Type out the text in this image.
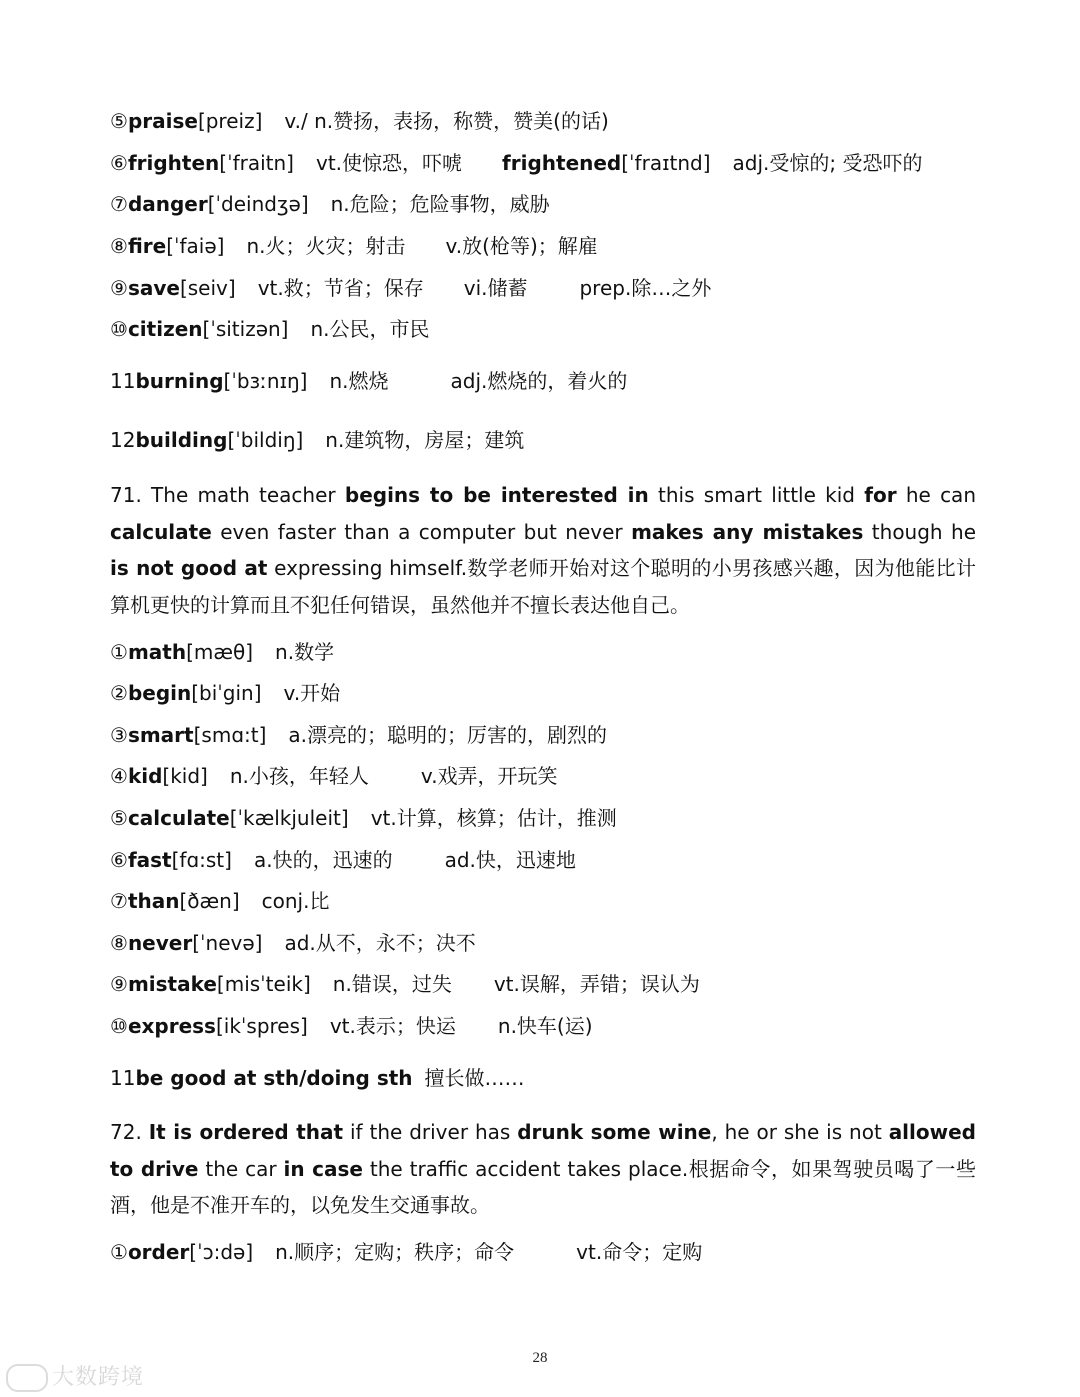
⑤praise[preiz] v./ n.赞扬，表扬，称赞，赞美(的话)
⑥frighten[ˈfraitn] vt.使惊恐，吓唬 frightened[ˈfraɪtnd] adj.受惊的; 受恐吓的
⑦danger[ˈdeindʒə] n.危险；危险事物，威胁
⑧fire[ˈfaiə] n.火；火灾；射击 v.放(枪等)；解雇
⑨save[seiv] vt.救；节省；保存 vi.储蓄	prep.除…之外
⑩citizen[ˈsitizən] n.公民，市民
11burning[ˈbɜːnɪŋ] n.燃烧	adj.燃烧的，着火的
12building[ˈbildiŋ] n.建筑物，房屋；建筑
71. The math teacher begins to be interested in this smart little kid for he can calculate even faster than a computer but never makes any mistakes though he is not good at expressing himself.数学老师开始对这个聪明的小男孩感兴趣，因为他能比计算机更快的计算而且不犯任何错误，虽然他并不擅长表达他自己。
①math[mæθ] n.数学
②begin[biˈgin] v.开始
③smart[smɑ:t] a.漂亮的；聪明的；厉害的，剧烈的
④kid[kid] n.小孩，年轻人	v.戏弄，开玩笑
⑤calculate[ˈkælkjuleit] vt.计算，核算；估计，推测
⑥fast[fɑ:st] a.快的，迅速的	ad.快，迅速地
⑦than[ðæn] conj.比
⑧never[ˈnevə] ad.从不，永不；决不
⑨mistake[misˈteik] n.错误，过失 vt.误解，弄错；误认为
⑩express[ikˈspres] vt.表示；快运 n.快车(运)
11be good at sth/doing sth 擅长做……
72. It is ordered that if the driver has drunk some wine, he or she is not allowed to drive the car in case the traffic accident takes place.根据命令，如果驾驶员喝了一些酒，他是不准开车的，以免发生交通事故。
①order[ˈɔ:də] n.顺序；定购；秩序；命令	vt.命令；定购
28
大数跨境
